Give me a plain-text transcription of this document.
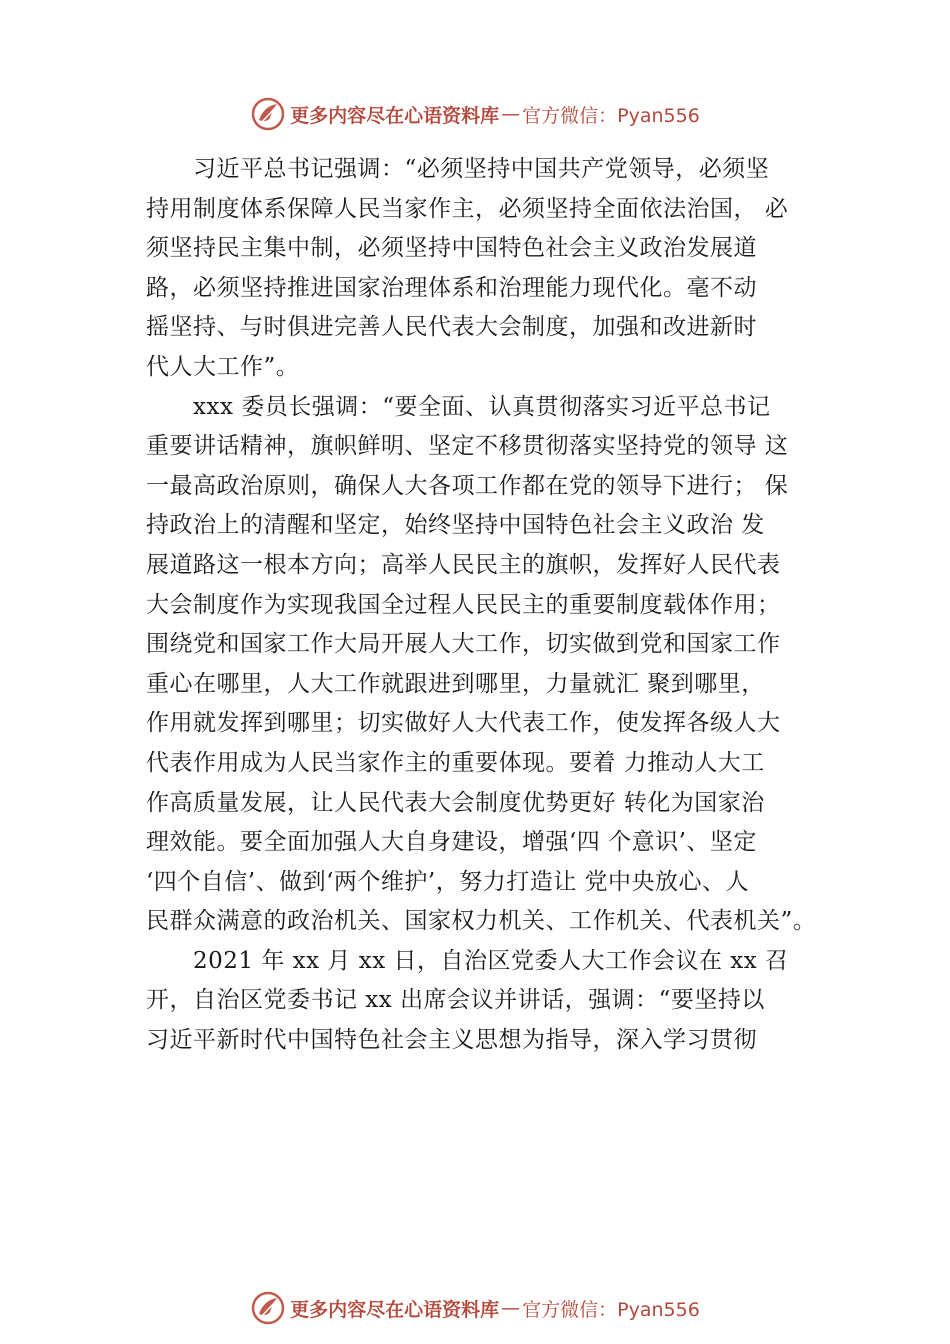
更多内容尽在心语资料库 — 官方微信：Pyan556
习近平总书记强调：“必须坚持中国共产党领导，必须坚
持用制度体系保障人民当家作主，必须坚持全面依法治国， 必
须坚持民主集中制，必须坚持中国特色社会主义政治发展道
路，必须坚持推进国家治理体系和治理能力现代化。毫不动
摇坚持、与时俱进完善人民代表大会制度，加强和改进新时
代人大工作”。
xxx 委员长强调：“要全面、认真贯彻落实习近平总书记
重要讲话精神，旗帜鲜明、坚定不移贯彻落实坚持党的领导 这
一最高政治原则，确保人大各项工作都在党的领导下进行； 保
持政治上的清醒和坚定，始终坚持中国特色社会主义政治 发
展道路这一根本方向；高举人民民主的旗帜，发挥好人民代表
大会制度作为实现我国全过程人民民主的重要制度载体作用；
围绕党和国家工作大局开展人大工作，切实做到党和国家工作
重心在哪里，人大工作就跟进到哪里，力量就汇 聚到哪里，
作用就发挥到哪里；切实做好人大代表工作，使发挥各级人大
代表作用成为人民当家作主的重要体现。要着 力推动人大工
作高质量发展，让人民代表大会制度优势更好 转化为国家治
理效能。要全面加强人大自身建设，增强‘四 个意识’、坚定
‘四个自信’、做到‘两个维护’，努力打造让 党中央放心、人
民群众满意的政治机关、国家权力机关、工作机关、代表机关”。
2021 年 xx 月 xx 日，自治区党委人大工作会议在 xx 召
开，自治区党委书记 xx 出席会议并讲话，强调：“要坚持以
习近平新时代中国特色社会主义思想为指导，深入学习贯彻
更多内容尽在心语资料库 — 官方微信：Pyan556
